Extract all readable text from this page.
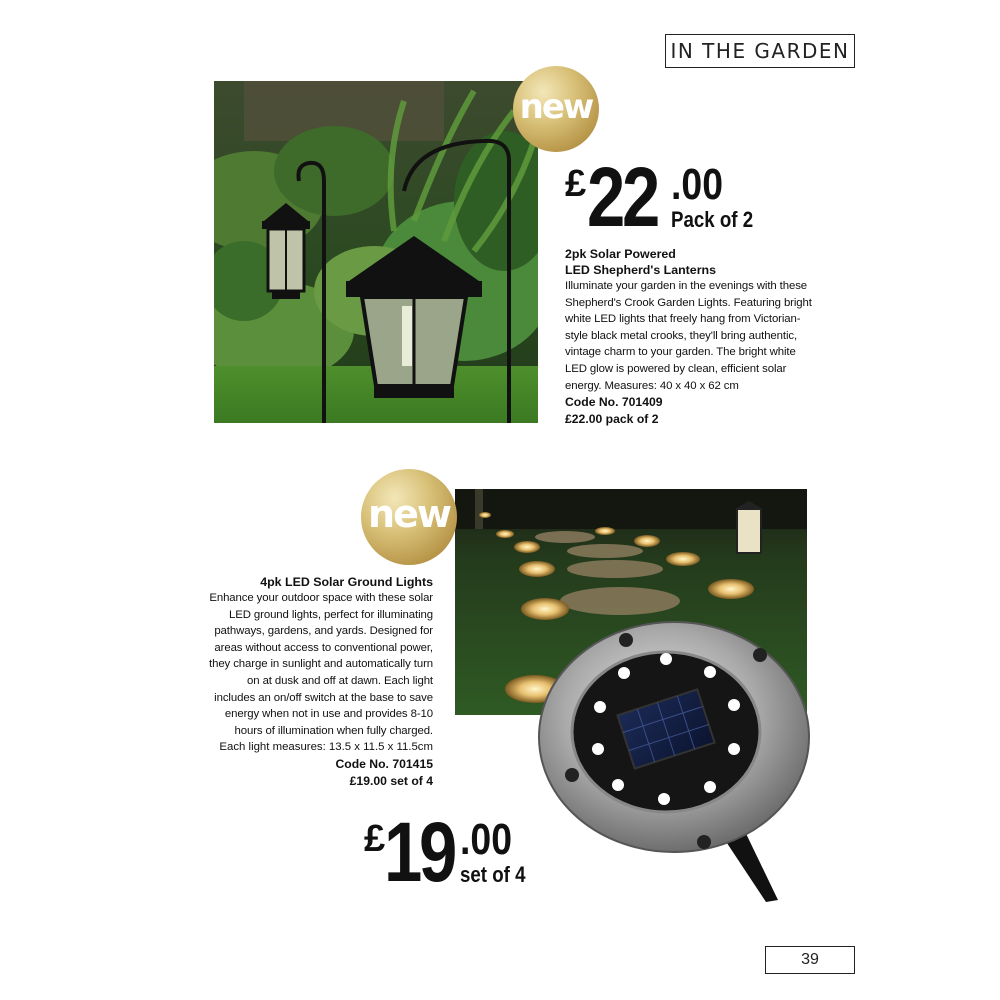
IN THE GARDEN
new
£ 22 .00
Pack of 2
2pk Solar Powered
LED Shepherd's Lanterns
Illuminate your garden in the evenings with these Shepherd's Crook Garden Lights. Featuring bright white LED lights that freely hang from Victorian-style black metal crooks, they'll bring authentic, vintage charm to your garden. The bright white LED glow is powered by clean, efficient solar energy. Measures: 40 x 40 x 62 cm
Code No. 701409
£22.00 pack of 2
new
4pk LED Solar Ground Lights
Enhance your outdoor space with these solar LED ground lights, perfect for illuminating pathways, gardens, and yards. Designed for areas without access to conventional power, they charge in sunlight and automatically turn on at dusk and off at dawn. Each light includes an on/off switch at the base to save energy when not in use and provides 8-10 hours of illumination when fully charged.
Each light measures: 13.5 x 11.5 x 11.5cm
Code No. 701415
£19.00 set of 4
£
19 .00
set of 4
39
